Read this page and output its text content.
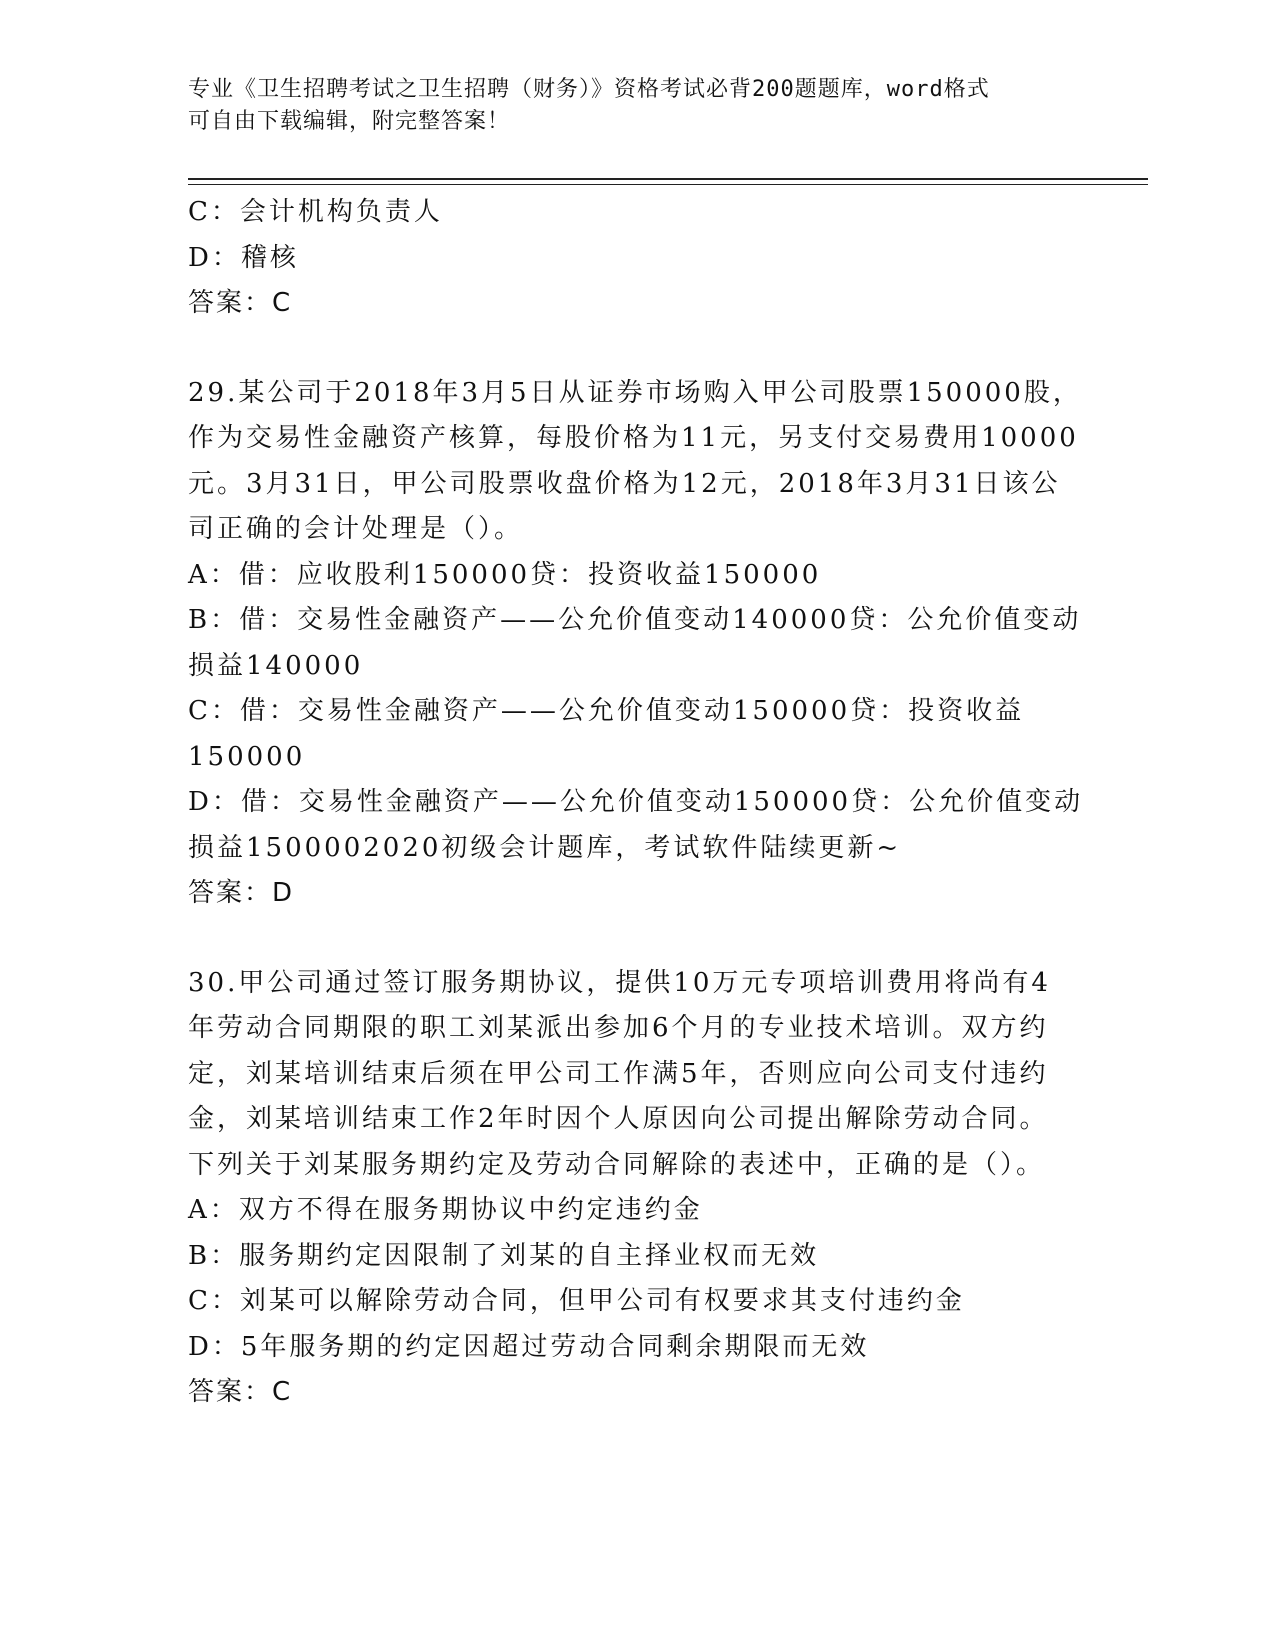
专业《卫生招聘考试之卫生招聘（财务）》资格考试必背200题题库，word格式
可自由下载编辑，附完整答案！
C：会计机构负责人
D：稽核
答案：C
29.某公司于2018年3月5日从证券市场购入甲公司股票150000股，
作为交易性金融资产核算，每股价格为11元，另支付交易费用10000
元。3月31日，甲公司股票收盘价格为12元，2018年3月31日该公
司正确的会计处理是（）。
A：借：应收股利150000贷：投资收益150000
B：借：交易性金融资产——公允价值变动140000贷：公允价值变动
损益140000
C：借：交易性金融资产——公允价值变动150000贷：投资收益
150000
D：借：交易性金融资产——公允价值变动150000贷：公允价值变动
损益1500002020初级会计题库，考试软件陆续更新~
答案：D
30.甲公司通过签订服务期协议，提供10万元专项培训费用将尚有4
年劳动合同期限的职工刘某派出参加6个月的专业技术培训。双方约
定，刘某培训结束后须在甲公司工作满5年，否则应向公司支付违约
金，刘某培训结束工作2年时因个人原因向公司提出解除劳动合同。
下列关于刘某服务期约定及劳动合同解除的表述中，正确的是（）。
A：双方不得在服务期协议中约定违约金
B：服务期约定因限制了刘某的自主择业权而无效
C：刘某可以解除劳动合同，但甲公司有权要求其支付违约金
D：5年服务期的约定因超过劳动合同剩余期限而无效
答案：C
